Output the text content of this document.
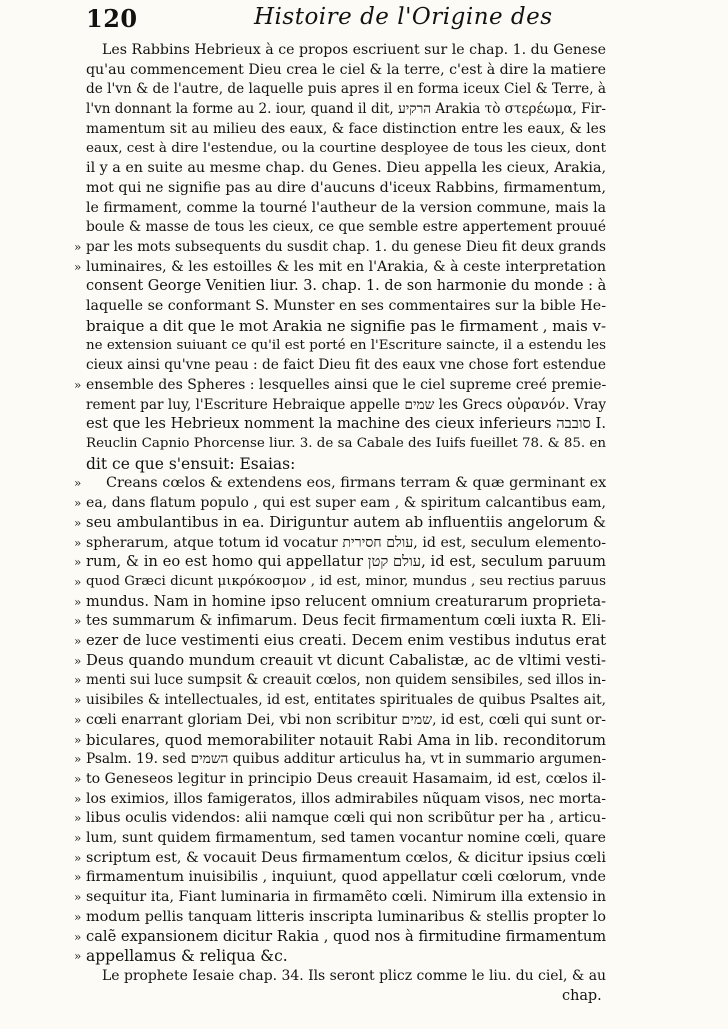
120	Histoire de l'Origine des
Les Rabbins Hebrieux à ce propos escriuent sur le chap. 1. du Genese
qu'au commencement Dieu crea le ciel & la terre, c'est à dire la matiere
de l'vn & de l'autre, de laquelle puis apres il en forma iceux Ciel & Terre, à
l'vn donnant la forme au 2. iour, quand il dit, הרקיע Arakia τὸ στερέωμα, Fir-
mamentum sit au milieu des eaux, & face distinction entre les eaux, & les
eaux, cest à dire l'estendue, ou la courtine desployee de tous les cieux, dont
il y a en suite au mesme chap. du Genes. Dieu appella les cieux, Arakia,
mot qui ne signifie pas au dire d'aucuns d'iceux Rabbins, firmamentum,
le firmament, comme la tourné l'autheur de la version commune, mais la
boule & masse de tous les cieux, ce que semble estre appertement prouué
par les mots subsequents du susdit chap. 1. du genese Dieu fit deux grands
luminaires, & les estoilles & les mit en l'Arakia, & à ceste interpretation
consent George Venitien liur. 3. chap. 1. de son harmonie du monde : à
laquelle se conformant S. Munster en ses commentaires sur la bible He-
braique a dit que le mot Arakia ne signifie pas le firmament , mais v-
ne extension suiuant ce qu'il est porté en l'Escriture saincte, il a estendu les
cieux ainsi qu'vne peau : de faict Dieu fit des eaux vne chose fort estendue
ensemble des Spheres : lesquelles ainsi que le ciel supreme creé premie-
rement par luy, l'Escriture Hebraique appelle שמים les Grecs οὐρανόν. Vray
est que les Hebrieux nomment la machine des cieux inferieurs סובבה I.
Reuclin Capnio Phorcense liur. 3. de sa Cabale des Iuifs fueillet 78. & 85. en
dit ce que s'ensuit: Esaias:
Creans cœlos & extendens eos, firmans terram & quæ germinant ex
ea, dans flatum populo , qui est super eam , & spiritum calcantibus eam,
seu ambulantibus in ea. Diriguntur autem ab influentiis angelorum &
spherarum, atque totum id vocatur עולם חסירית, id est, seculum elemento-
rum, & in eo est homo qui appellatur עולם קטן, id est, seculum paruum
quod Græci dicunt μικρόκοσμον , id est, minor, mundus , seu rectius paruus
mundus. Nam in homine ipso relucent omnium creaturarum proprieta-
tes summarum & infimarum. Deus fecit firmamentum cœli iuxta R. Eli-
ezer de luce vestimenti eius creati. Decem enim vestibus indutus erat
Deus quando mundum creauit vt dicunt Cabalistæ, ac de vltimi vesti-
menti sui luce sumpsit & creauit cœlos, non quidem sensibiles, sed illos in-
uisibiles & intellectuales, id est, entitates spirituales de quibus Psaltes ait,
cœli enarrant gloriam Dei, vbi non scribitur שמים, id est, cœli qui sunt or-
biculares, quod memorabiliter notauit Rabi Ama in lib. reconditorum
Psalm. 19. sed השמים quibus additur articulus ha, vt in summario argumen-
to Geneseos legitur in principio Deus creauit Hasamaim, id est, cœlos il-
los eximios, illos famigeratos, illos admirabiles nũquam visos, nec morta-
libus oculis videndos: alii namque cœli qui non scribũtur per ha , articu-
lum, sunt quidem firmamentum, sed tamen vocantur nomine cœli, quare
scriptum est, & vocauit Deus firmamentum cœlos, & dicitur ipsius cœli
firmamentum inuisibilis , inquiunt, quod appellatur cœli cœlorum, vnde
sequitur ita, Fiant luminaria in firmamẽto cœli. Nimirum illa extensio in
modum pellis tanquam litteris inscripta luminaribus & stellis propter lo
calẽ expansionem dicitur Rakia , quod nos à firmitudine firmamentum
appellamus & reliqua &c.
Le prophete Iesaie chap. 34. Ils seront plicz comme le liu. du ciel, & au
chap.
»
»
»
»
»
»
»
»
»
»
»
»
»
»
»
»
»
»
»
»
»
»
»
»
»
»
»
»
